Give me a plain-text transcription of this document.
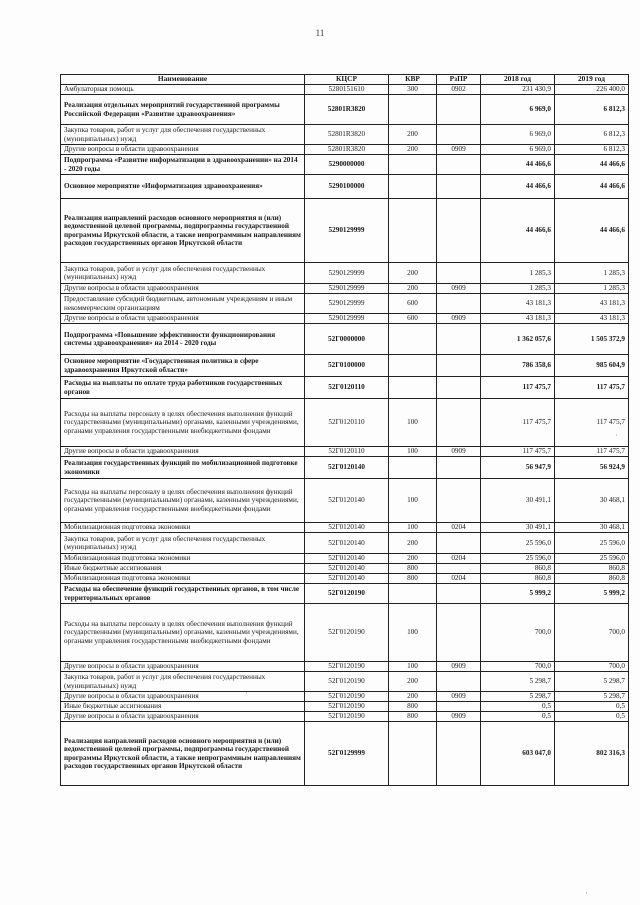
11
Наименование	КЦСР	КВР	РзПР	2018 год	2019 год
Амбулаторная помощь	5280151610	300	0902	231 430,9	226 400,0
Реализация отдельных мероприятий государственной программы Российской Федерации «Развитие здравоохранения»	52801R3820			6 969,0	6 812,3
Закупка товаров, работ и услуг для обеспечения государственных (муниципальных) нужд	52801R3820	200		6 969,0	6 812,3
Другие вопросы в области здравоохранения	52801R3820	200	0909	6 969,0	6 812,3
Подпрограмма «Развитие информатизации в здравоохранении» на 2014 - 2020 годы	5290000000			44 466,6	44 466,6
Основное мероприятие «Информатизация здравоохранения»	5290100000			44 466,6	44 466,6
Реализация направлений расходов основного мероприятия и (или) ведомственной целевой программы, подпрограммы государственной программы Иркутской области, а также непрограммным направлениям расходов государственных органов Иркутской области	5290129999			44 466,6	44 466,6
Закупка товаров, работ и услуг для обеспечения государственных (муниципальных) нужд	5290129999	200		1 285,3	1 285,3
Другие вопросы в области здравоохранения	5290129999	200	0909	1 285,3	1 285,3
Предоставление субсидий бюджетным, автономным учреждениям и иным некоммерческим организациям	5290129999	600		43 181,3	43 181,3
Другие вопросы в области здравоохранения	5290129999	600	0909	43 181,3	43 181,3
Подпрограмма «Повышение эффективности функционирования системы здравоохранения» на 2014 - 2020 годы	52Г0000000			1 362 057,6	1 505 372,9
Основное мероприятие «Государственная политика в сфере здравоохранения Иркутской области»	52Г0100000			786 358,6	985 604,9
Расходы на выплаты по оплате труда работников государственных органов	52Г0120110			117 475,7	117 475,7
Расходы на выплаты персоналу в целях обеспечения выполнения функций государственными (муниципальными) органами, казенными учреждениями, органами управления государственными внебюджетными фондами	52Г0120110	100		117 475,7	117 475,7
Другие вопросы в области здравоохранения	52Г0120110	100	0909	117 475,7	117 475,7
Реализация государственных функций по мобилизационной подготовке экономики	52Г0120140			56 947,9	56 924,9
Расходы на выплаты персоналу в целях обеспечения выполнения функций государственными (муниципальными) органами, казенными учреждениями, органами управления государственными внебюджетными фондами	52Г0120140	100		30 491,1	30 468,1
Мобилизационная подготовка экономики	52Г0120140	100	0204	30 491,1	30 468,1
Закупка товаров, работ и услуг для обеспечения государственных (муниципальных) нужд	52Г0120140	200		25 596,0	25 596,0
Мобилизационная подготовка экономики	52Г0120140	200	0204	25 596,0	25 596,0
Иные бюджетные ассигнования	52Г0120140	800		860,8	860,8
Мобилизационная подготовка экономики	52Г0120140	800	0204	860,8	860,8
Расходы на обеспечение функций государственных органов, в том числе территориальных органов	52Г0120190			5 999,2	5 999,2
Расходы на выплаты персоналу в целях обеспечения выполнения функций государственными (муниципальными) органами, казенными учреждениями, органами управления государственными внебюджетными фондами	52Г0120190	100		700,0	700,0
Другие вопросы в области здравоохранения	52Г0120190	100	0909	700,0	700,0
Закупка товаров, работ и услуг для обеспечения государственных (муниципальных) нужд	52Г0120190	200		5 298,7	5 298,7
Другие вопросы в области здравоохранения	52Г0120190	200	0909	5 298,7	5 298,7
Иные бюджетные ассигнования	52Г0120190	800		0,5	0,5
Другие вопросы в области здравоохранения	52Г0120190	800	0909	0,5	0,5
Реализация направлений расходов основного мероприятия и (или) ведомственной целевой программы, подпрограммы государственной программы Иркутской области, а также непрограммным направлениям расходов государственных органов Иркутской области	52Г0129999			603 047,0	802 316,3
·
·
·
